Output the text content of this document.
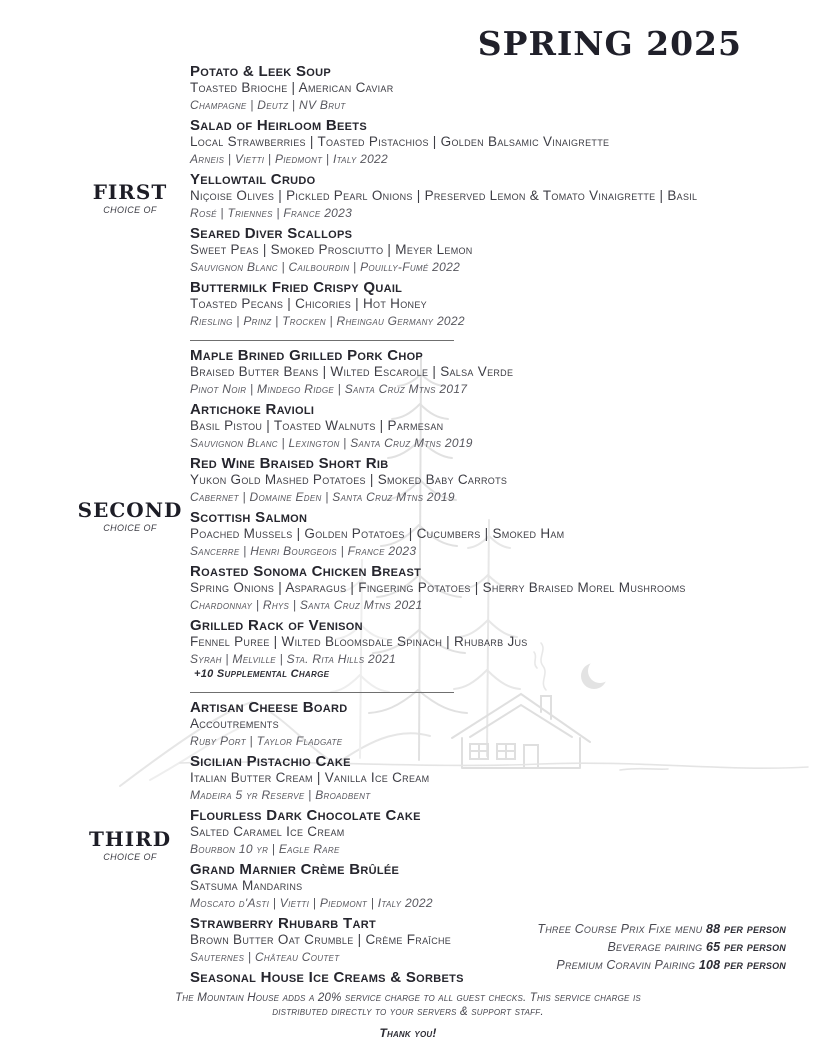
SPRING 2025
FIRST
CHOICE OF
Potato & Leek Soup
Toasted Brioche | American Caviar
Champagne | Deutz | NV Brut
Salad of Heirloom Beets
Local Strawberries | Toasted Pistachios | Golden Balsamic Vinaigrette
Arneis | Vietti | Piedmont | Italy 2022
Yellowtail Crudo
Niçoise Olives | Pickled Pearl Onions | Preserved Lemon & Tomato Vinaigrette | Basil
Rosé | Triennes | France 2023
Seared Diver Scallops
Sweet Peas | Smoked Prosciutto | Meyer Lemon
Sauvignon Blanc | Cailbourdin | Pouilly-Fumé 2022
Buttermilk Fried Crispy Quail
Toasted Pecans | Chicories | Hot Honey
Riesling | Prinz | Trocken | Rheingau Germany 2022
SECOND
CHOICE OF
Maple Brined Grilled Pork Chop
Braised Butter Beans | Wilted Escarole | Salsa Verde
Pinot Noir | Mindego Ridge | Santa Cruz Mtns 2017
Artichoke Ravioli
Basil Pistou | Toasted Walnuts | Parmesan
Sauvignon Blanc | Lexington | Santa Cruz Mtns 2019
Red Wine Braised Short Rib
Yukon Gold Mashed Potatoes | Smoked Baby Carrots
Cabernet | Domaine Eden | Santa Cruz Mtns 2019
Scottish Salmon
Poached Mussels | Golden Potatoes | Cucumbers | Smoked Ham
Sancerre | Henri Bourgeois | France 2023
Roasted Sonoma Chicken Breast
Spring Onions | Asparagus | Fingering Potatoes | Sherry Braised Morel Mushrooms
Chardonnay | Rhys | Santa Cruz Mtns 2021
Grilled Rack of Venison
Fennel Puree | Wilted Bloomsdale Spinach | Rhubarb Jus
Syrah | Melville | Sta. Rita Hills 2021
+10 Supplemental Charge
THIRD
CHOICE OF
Artisan Cheese Board
Accoutrements
Ruby Port | Taylor Fladgate
Sicilian Pistachio Cake
Italian Butter Cream | Vanilla Ice Cream
Madeira 5 yr Reserve | Broadbent
Flourless Dark Chocolate Cake
Salted Caramel Ice Cream
Bourbon 10 yr | Eagle Rare
Grand Marnier Crème Brûlée
Satsuma Mandarins
Moscato d'Asti | Vietti | Piedmont | Italy 2022
Strawberry Rhubarb Tart
Brown Butter Oat Crumble | Crème Fraîche
Sauternes | Château Coutet
Seasonal House Ice Creams & Sorbets
Three Course Prix Fixe menu 88 per person
Beverage pairing 65 per person
Premium Coravin Pairing 108 per person
The Mountain House adds a 20% service charge to all guest checks. This service charge is
distributed directly to your servers & support staff.
Thank you!
